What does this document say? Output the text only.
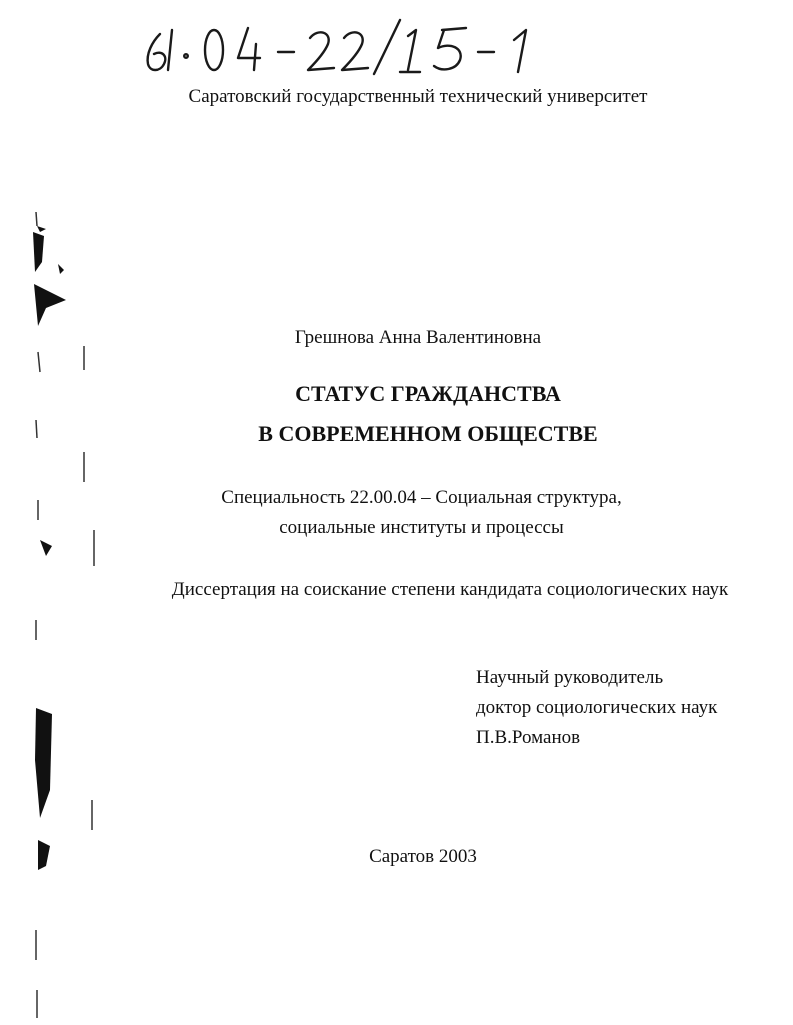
Саратовский государственный технический университет
Грешнова Анна Валентиновна
СТАТУС ГРАЖДАНСТВА
В СОВРЕМЕННОМ ОБЩЕСТВЕ
Специальность 22.00.04 – Социальная структура,
социальные институты и процессы
Диссертация на соискание степени кандидата социологических наук
Научный руководитель
доктор социологических наук
П.В.Романов
Саратов 2003
